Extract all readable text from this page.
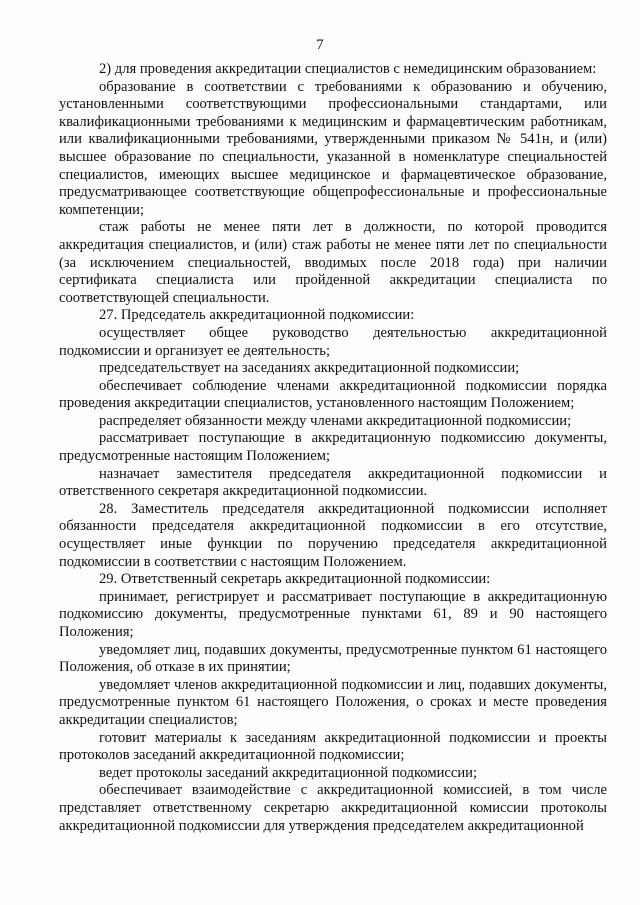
7

2) для проведения аккредитации специалистов с немедицинским образованием:

образование в соответствии с требованиями к образованию и обучению, установленными соответствующими профессиональными стандартами, или квалификационными требованиями к медицинским и фармацевтическим работникам, или квалификационными требованиями, утвержденными приказом № 541н, и (или) высшее образование по специальности, указанной в номенклатуре специальностей специалистов, имеющих высшее медицинское и фармацевтическое образование, предусматривающее соответствующие общепрофессиональные и профессиональные компетенции;

стаж работы не менее пяти лет в должности, по которой проводится аккредитация специалистов, и (или) стаж работы не менее пяти лет по специальности (за исключением специальностей, вводимых после 2018 года) при наличии сертификата специалиста или пройденной аккредитации специалиста по соответствующей специальности.

27. Председатель аккредитационной подкомиссии:

осуществляет общее руководство деятельностью аккредитационной подкомиссии и организует ее деятельность;

председательствует на заседаниях аккредитационной подкомиссии;

обеспечивает соблюдение членами аккредитационной подкомиссии порядка проведения аккредитации специалистов, установленного настоящим Положением;

распределяет обязанности между членами аккредитационной подкомиссии;

рассматривает поступающие в аккредитационную подкомиссию документы, предусмотренные настоящим Положением;

назначает заместителя председателя аккредитационной подкомиссии и ответственного секретаря аккредитационной подкомиссии.

28. Заместитель председателя аккредитационной подкомиссии исполняет обязанности председателя аккредитационной подкомиссии в его отсутствие, осуществляет иные функции по поручению председателя аккредитационной подкомиссии в соответствии с настоящим Положением.

29. Ответственный секретарь аккредитационной подкомиссии:

принимает, регистрирует и рассматривает поступающие в аккредитационную подкомиссию документы, предусмотренные пунктами 61, 89 и 90 настоящего Положения;

уведомляет лиц, подавших документы, предусмотренные пунктом 61 настоящего Положения, об отказе в их принятии;

уведомляет членов аккредитационной подкомиссии и лиц, подавших документы, предусмотренные пунктом 61 настоящего Положения, о сроках и месте проведения аккредитации специалистов;

готовит материалы к заседаниям аккредитационной подкомиссии и проекты протоколов заседаний аккредитационной подкомиссии;

ведет протоколы заседаний аккредитационной подкомиссии;

обеспечивает взаимодействие с аккредитационной комиссией, в том числе представляет ответственному секретарю аккредитационной комиссии протоколы аккредитационной подкомиссии для утверждения председателем аккредитационной
